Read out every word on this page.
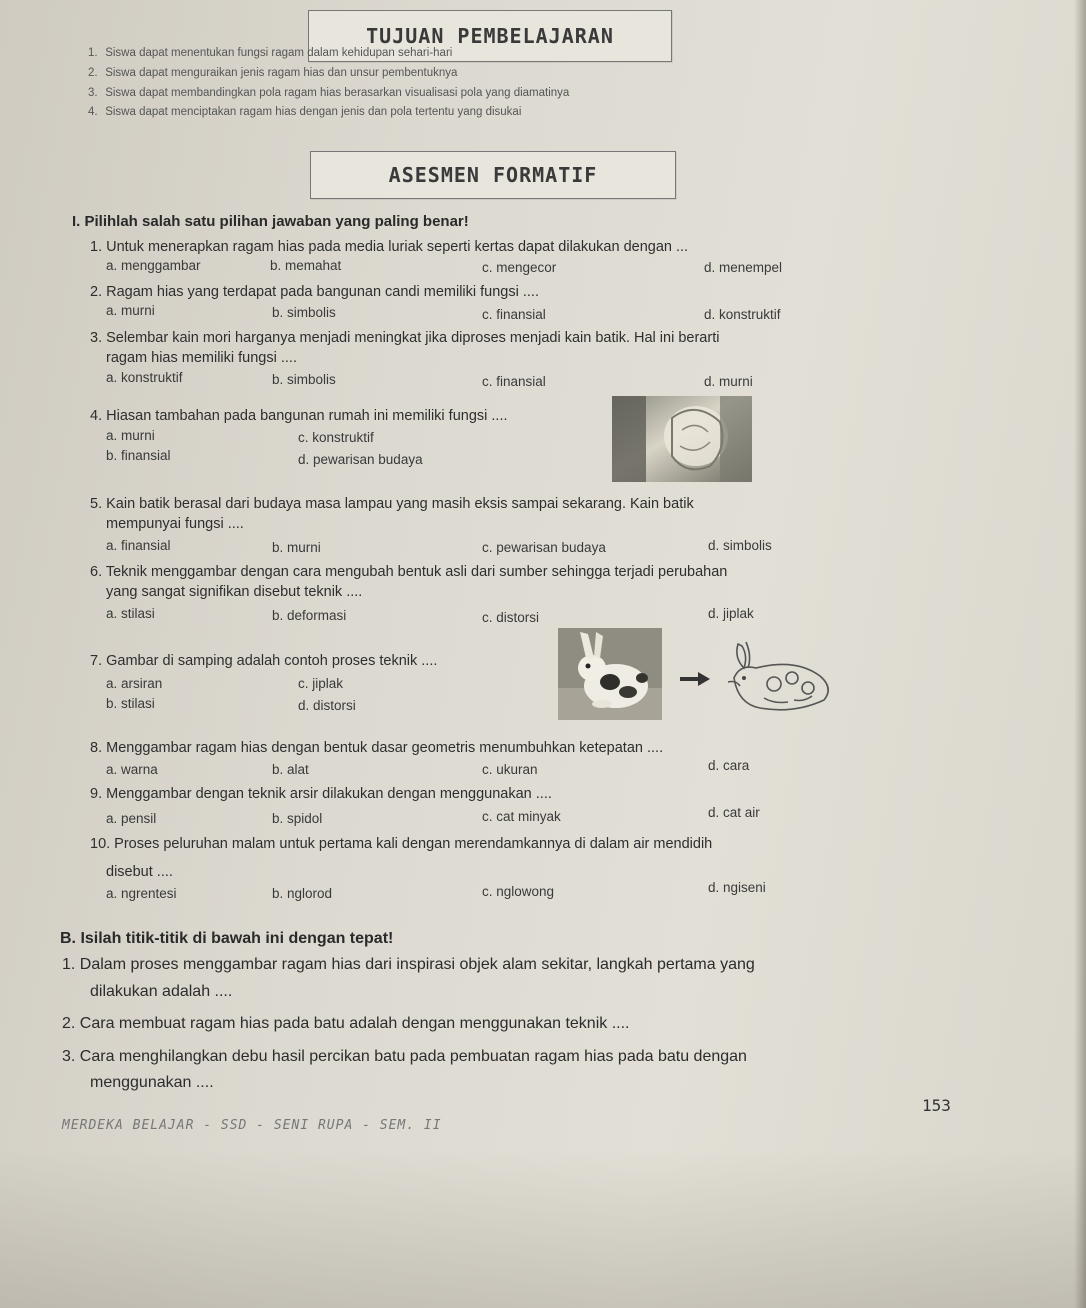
TUJUAN PEMBELAJARAN
1. Siswa dapat menentukan fungsi ragam dalam kehidupan sehari-hari
2. Siswa dapat menguraikan jenis ragam hias dan unsur pembentuknya
3. Siswa dapat membandingkan pola ragam hias berasarkan visualisasi pola yang diamatinya
4. Siswa dapat menciptakan ragam hias dengan jenis dan pola tertentu yang disukai
ASESMEN FORMATIF
I. Pilihlah salah satu pilihan jawaban yang paling benar!
1. Untuk menerapkan ragam hias pada media luriak seperti kertas dapat dilakukan dengan ...
a. menggambar	b. memahat	c. mengecor	d. menempel
2. Ragam hias yang terdapat pada bangunan candi memiliki fungsi ....
a. murni	b. simbolis	c. finansial	d. konstruktif
3. Selembar kain mori harganya menjadi meningkat jika diproses menjadi kain batik. Hal ini berarti
ragam hias memiliki fungsi ....
a. konstruktif	b. simbolis	c. finansial	d. murni
4. Hiasan tambahan pada bangunan rumah ini memiliki fungsi ....
a. murni	c. konstruktif
b. finansial	d. pewarisan budaya
5. Kain batik berasal dari budaya masa lampau yang masih eksis sampai sekarang. Kain batik
mempunyai fungsi ....
a. finansial	b. murni	c. pewarisan budaya	d. simbolis
6. Teknik menggambar dengan cara mengubah bentuk asli dari sumber sehingga terjadi perubahan
yang sangat signifikan disebut teknik ....
a. stilasi	b. deformasi	c. distorsi	d. jiplak
7. Gambar di samping adalah contoh proses teknik ....
a. arsiran	c. jiplak
b. stilasi	d. distorsi
8. Menggambar ragam hias dengan bentuk dasar geometris menumbuhkan ketepatan ....
a. warna	b. alat	c. ukuran	d. cara
9. Menggambar dengan teknik arsir dilakukan dengan menggunakan ....
a. pensil	b. spidol	c. cat minyak	d. cat air
10. Proses peluruhan malam untuk pertama kali dengan merendamkannya di dalam air mendidih
disebut ....
a. ngrentesi	b. nglorod	c. nglowong	d. ngiseni
B. Isilah titik-titik di bawah ini dengan tepat!
1. Dalam proses menggambar ragam hias dari inspirasi objek alam sekitar, langkah pertama yang
dilakukan adalah ....
2. Cara membuat ragam hias pada batu adalah dengan menggunakan teknik ....
3. Cara menghilangkan debu hasil percikan batu pada pembuatan ragam hias pada batu dengan
menggunakan ....
MERDEKA BELAJAR - SSD - SENI RUPA - SEM. II
153
